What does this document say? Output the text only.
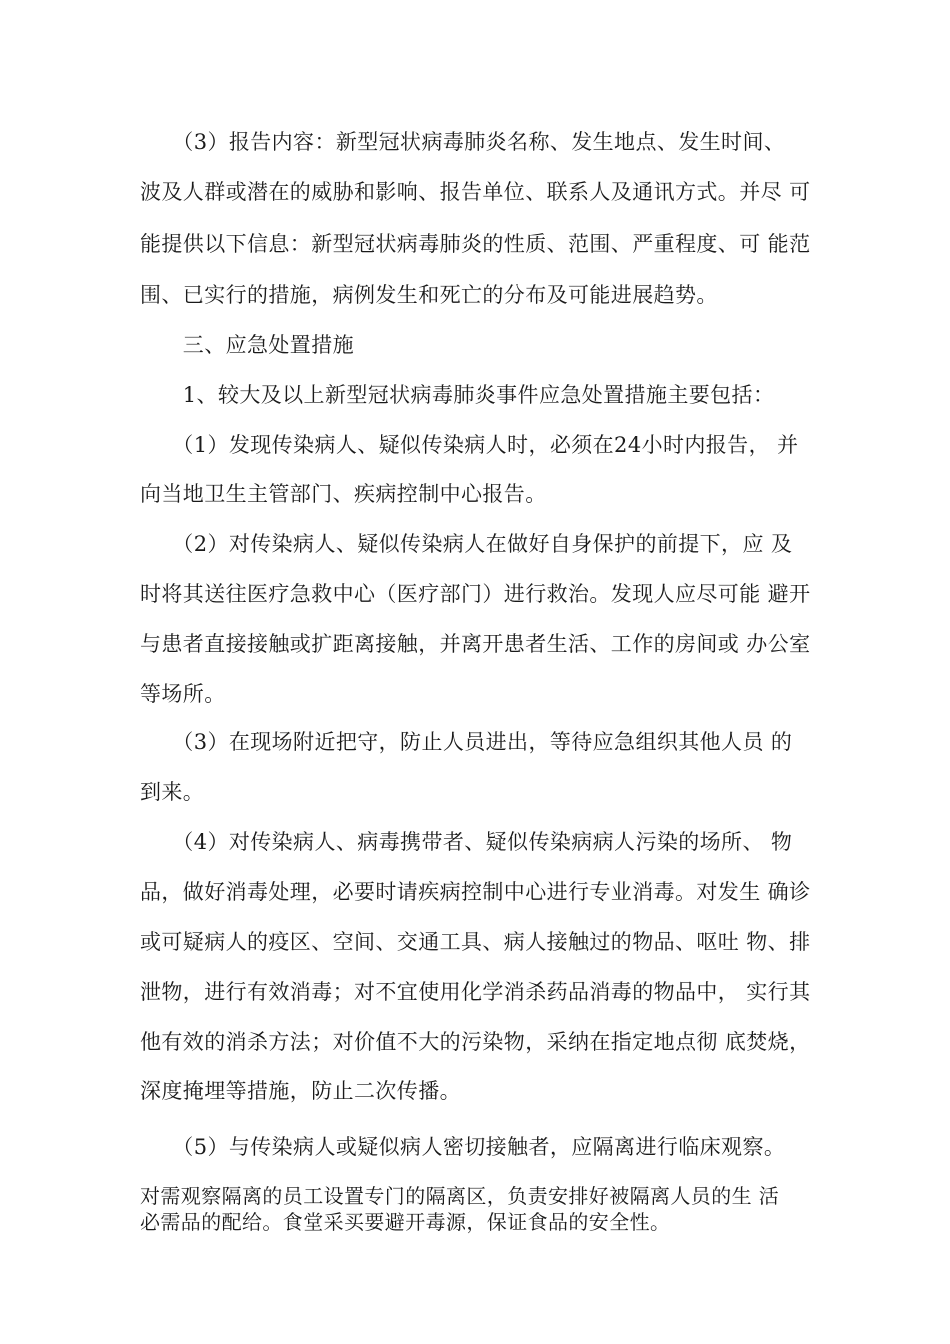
　　（3）报告内容：新型冠状病毒肺炎名称、发生地点、发生时间、
波及人群或潜在的威胁和影响、报告单位、联系人及通讯方式。并尽 可
能提供以下信息：新型冠状病毒肺炎的性质、范围、严重程度、可 能范
围、已实行的措施，病例发生和死亡的分布及可能进展趋势。
　　三、应急处置措施
　　1、较大及以上新型冠状病毒肺炎事件应急处置措施主要包括：
　　（1）发现传染病人、疑似传染病人时，必须在24小时内报告， 并
向当地卫生主管部门、疾病控制中心报告。
　　（2）对传染病人、疑似传染病人在做好自身保护的前提下，应 及
时将其送往医疗急救中心（医疗部门）进行救治。发现人应尽可能 避开
与患者直接接触或扩距离接触，并离开患者生活、工作的房间或 办公室
等场所。
　　（3）在现场附近把守，防止人员进出，等待应急组织其他人员 的
到来。
　　（4）对传染病人、病毒携带者、疑似传染病病人污染的场所、 物
品，做好消毒处理，必要时请疾病控制中心进行专业消毒。对发生 确诊
或可疑病人的疫区、空间、交通工具、病人接触过的物品、呕吐 物、排
泄物，进行有效消毒；对不宜使用化学消杀药品消毒的物品中， 实行其
他有效的消杀方法；对价值不大的污染物，采纳在指定地点彻 底焚烧，
深度掩埋等措施，防止二次传播。
　　（5）与传染病人或疑似病人密切接触者，应隔离进行临床观察。
对需观察隔离的员工设置专门的隔离区，负责安排好被隔离人员的生 活
必需品的配给。食堂采买要避开毒源，保证食品的安全性。
